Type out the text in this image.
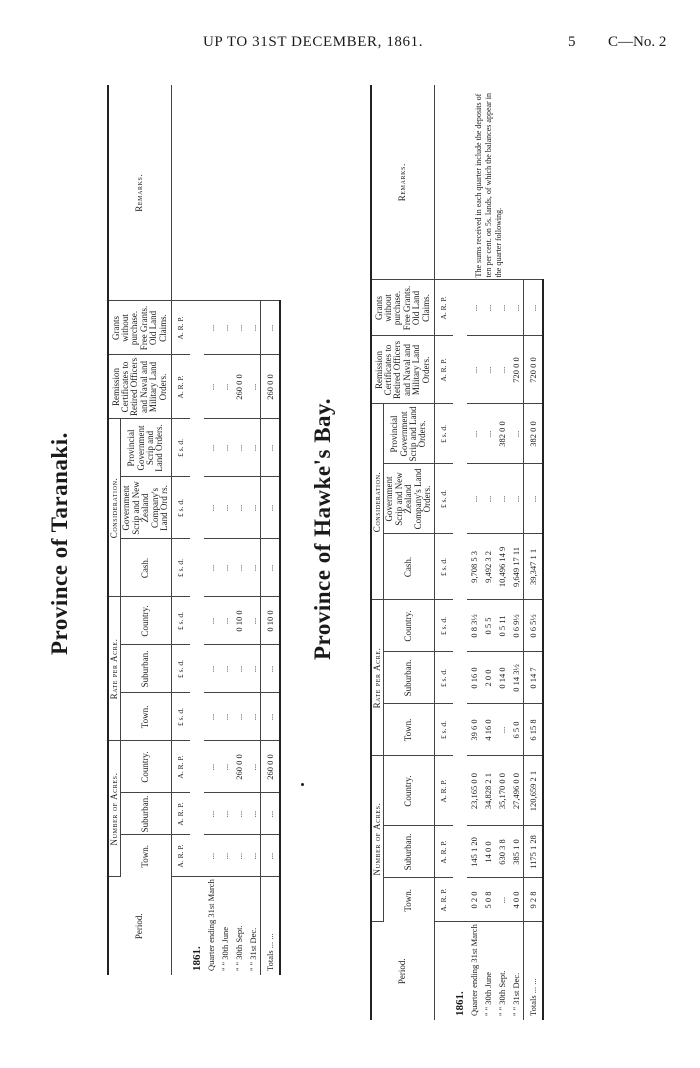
UP TO 31ST DECEMBER, 1861.	5 C—No. 2
Province of Taranaki.
Period.	Number of Acres.			Rate per Acre.			Consideration.			Remission Certificates to Retired Officers and Naval and Military Land Orders.	Grants without purchase. Free Grants. Old Land Claims.	Remarks.
	Town.	Suburban.	Country.	Town.	Suburban.	Country.	Cash.	Government Scrip and New Zealand Company's Land Ord rs.	Provincial Government Scrip and Land Orders.			
	A. R. P.	A. R. P.	A. R. P.	£ s. d.	£ s. d.	£ s. d.	£ s. d.	£ s. d.	£ s. d.	A. R. P.	A. R. P.	
1861.												
Quarter ending 31st March	...	...	...	...	...	...	...	...	...	...	...	
" " 30th June	...	...	...	...	...	...	...	...	...	...	...	
" " 30th Sept.	...	...	260 0 0	...	...	0 10 0	...	...	...	260 0 0	...	
" " 31st Dec.	...	...	...	...	...	...	...	...	...	...	...	
Totals ... ...	...	...	260 0 0	...	...	0 10 0	...	...	...	260 0 0	...	
Province of Hawke's Bay.
Period.	Number of Acres.			Rate per Acre.			Consideration.			Remission Certificates to Retired Officers and Naval and Military Land Orders.	Grants without purchase. Free Grants. Old Land Claims.	Remarks.
	Town.	Suburban.	Country.	Town.	Suburban.	Country.	Cash.	Government Scrip and New Zealand Company's Land Orders.	Provincial Government Scrip and Land Orders.			
	A. R. P.	A. R. P.	A. R. P.	£ s. d.	£ s. d.	£ s. d.	£ s. d.	£ s. d.	£ s. d.	A. R. P.	A. R. P.	The sums received in each quarter include the deposits of ten per cent. on 5s. lands, of which the balances appear in the quarter following.
1861.												
Quarter ending 31st March	0 2 0	145 1 20	23,165 0 0	39 6 0	0 16 0	0 8 3½	9,708 5 3	...	...	...	...	
" " 30th June	5 0 8	14 0 0	34,828 2 1	4 16 0	2 0 0	0 5 5	9,492 3 2	...	...	...	...	
" " 30th Sept.	...	630 3 8	35,170 0 0	...	0 14 0	0 5 11	10,496 14 9	...	382 0 0	...	...	
" " 31st Dec.	4 0 0	385 1 0	27,496 0 0	6 5 0	0 14 3½	0 6 9½	9,649 17 11	...	...	720 0 0	...	
Totals ... ...	9 2 8	1175 1 28	120,659 2 1	6 15 8	0 14 7	0 6 5½	39,347 1 1	...	382 0 0	720 0 0	...	
